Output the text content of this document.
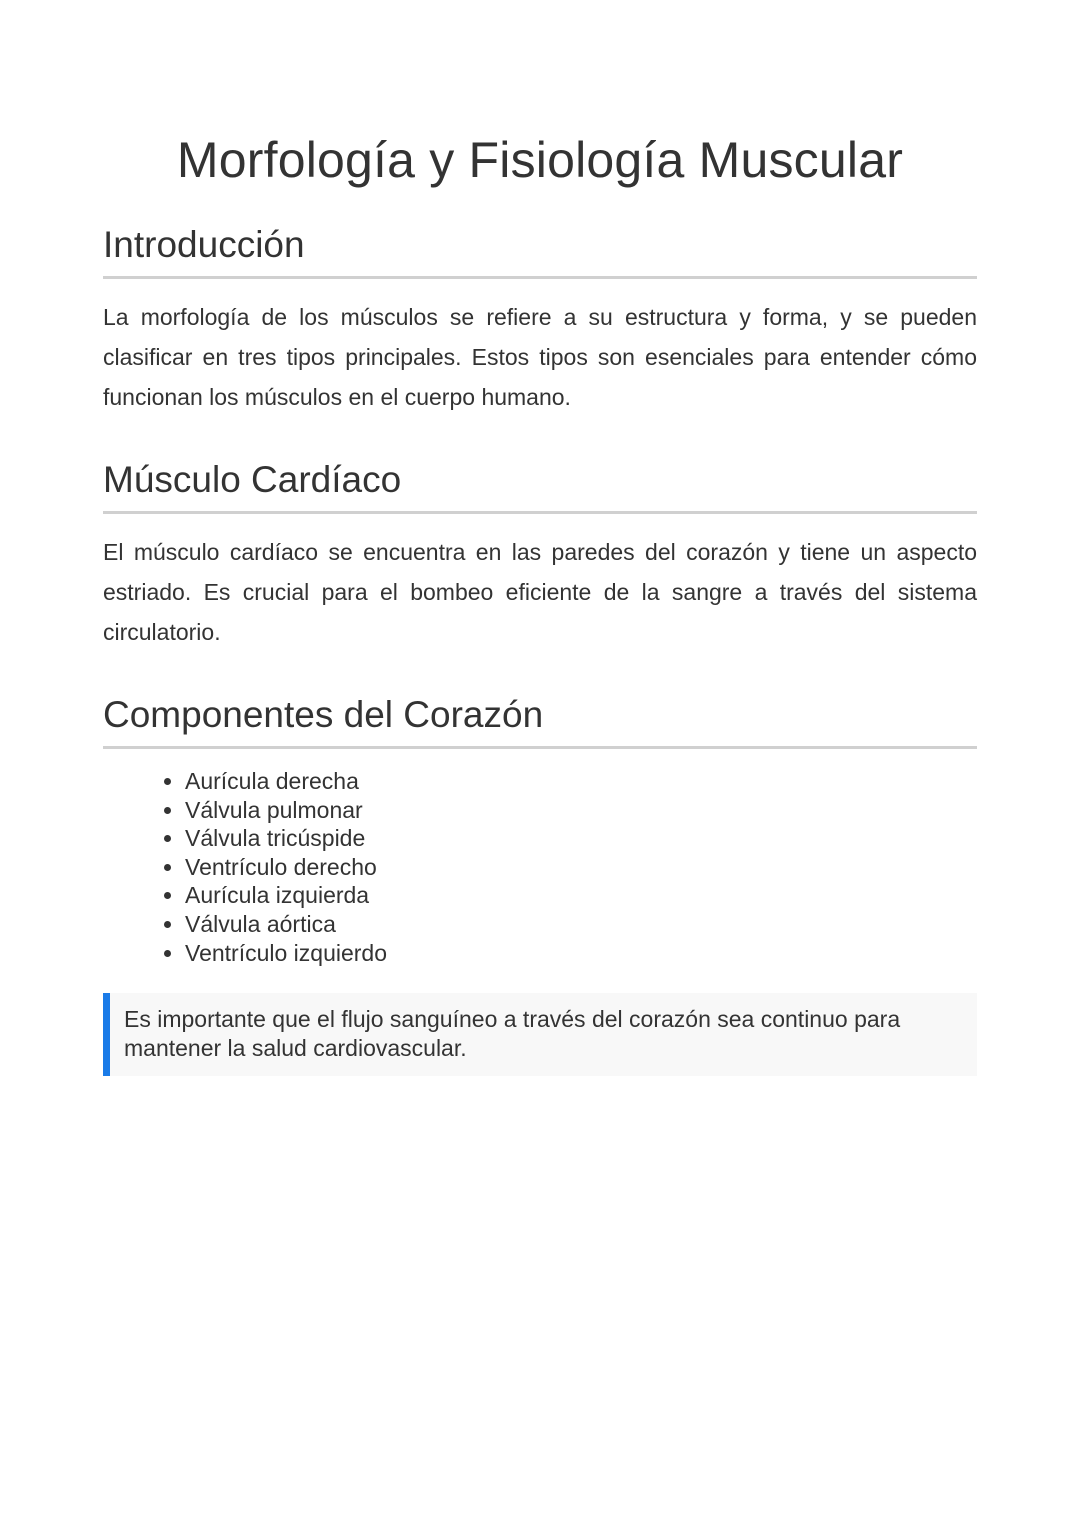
Morfología y Fisiología Muscular
Introducción

La morfología de los músculos se refiere a su estructura y forma, y se pueden clasificar en tres tipos principales. Estos tipos son esenciales para entender cómo funcionan los músculos en el cuerpo humano.

Músculo Cardíaco

El músculo cardíaco se encuentra en las paredes del corazón y tiene un aspecto estriado. Es crucial para el bombeo eficiente de la sangre a través del sistema circulatorio.

Componentes del Corazón
• Aurícula derecha
• Válvula pulmonar
• Válvula tricúspide
• Ventrículo derecho
• Aurícula izquierda
• Válvula aórtica
• Ventrículo izquierdo
Es importante que el flujo sanguíneo a través del corazón sea continuo para mantener la salud cardiovascular.
